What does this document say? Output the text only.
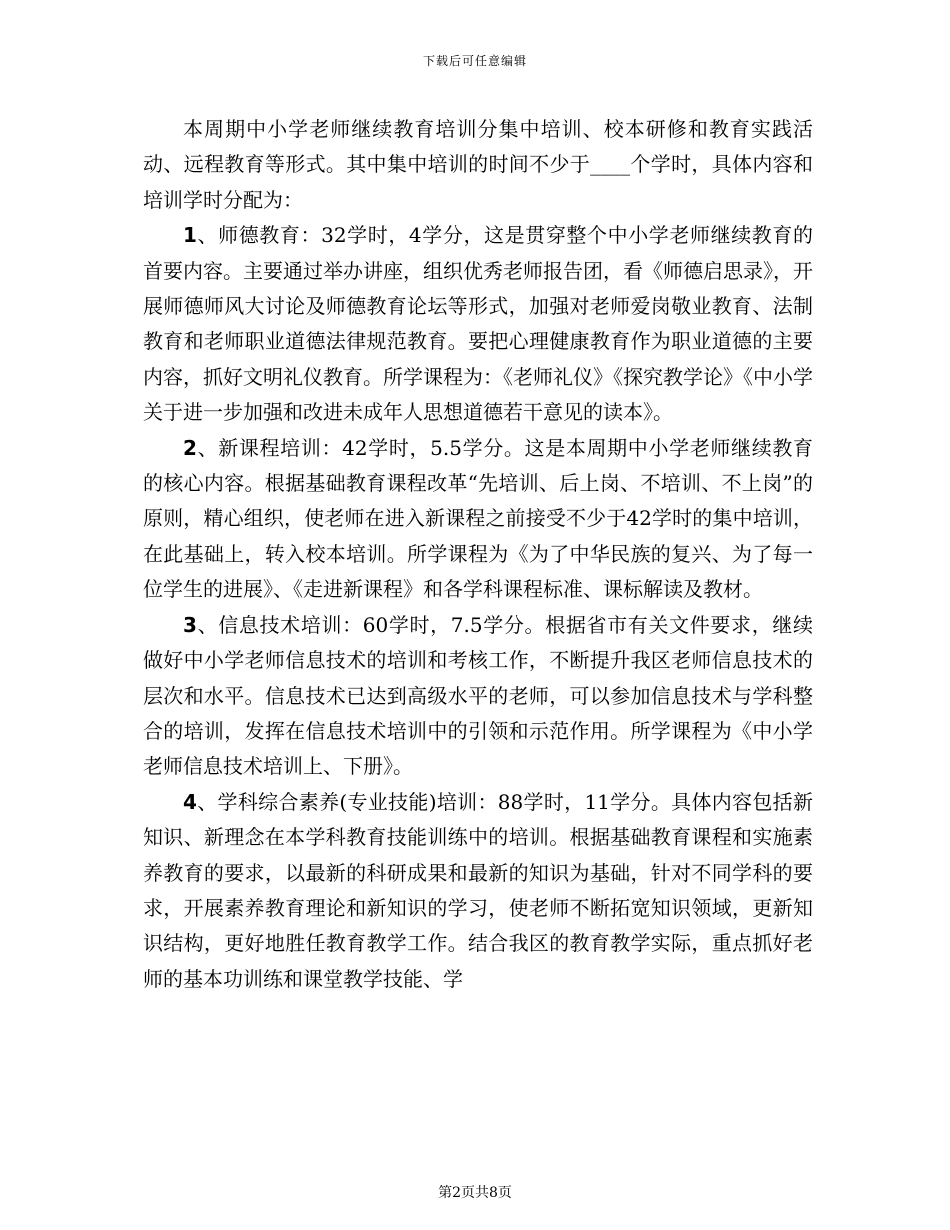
下载后可任意编辑

本周期中小学老师继续教育培训分集中培训、校本研修和教育实践活动、远程教育等形式。其中集中培训的时间不少于____个学时，具体内容和培训学时分配为：

1、师德教育：32学时，4学分，这是贯穿整个中小学老师继续教育的首要内容。主要通过举办讲座，组织优秀老师报告团，看《师德启思录》，开展师德师风大讨论及师德教育论坛等形式，加强对老师爱岗敬业教育、法制教育和老师职业道德法律规范教育。要把心理健康教育作为职业道德的主要内容，抓好文明礼仪教育。所学课程为：《老师礼仪》《探究教学论》《中小学关于进一步加强和改进未成年人思想道德若干意见的读本》。

2、新课程培训：42学时，5.5学分。这是本周期中小学老师继续教育的核心内容。根据基础教育课程改革“先培训、后上岗、不培训、不上岗”的原则，精心组织，使老师在进入新课程之前接受不少于42学时的集中培训，在此基础上，转入校本培训。所学课程为《为了中华民族的复兴、为了每一位学生的进展》、《走进新课程》和各学科课程标准、课标解读及教材。

3、信息技术培训：60学时，7.5学分。根据省市有关文件要求，继续做好中小学老师信息技术的培训和考核工作，不断提升我区老师信息技术的层次和水平。信息技术已达到高级水平的老师，可以参加信息技术与学科整合的培训，发挥在信息技术培训中的引领和示范作用。所学课程为《中小学老师信息技术培训上、下册》。

4、学科综合素养(专业技能)培训：88学时，11学分。具体内容包括新知识、新理念在本学科教育技能训练中的培训。根据基础教育课程和实施素养教育的要求，以最新的科研成果和最新的知识为基础，针对不同学科的要求，开展素养教育理论和新知识的学习，使老师不断拓宽知识领域，更新知识结构，更好地胜任教育教学工作。结合我区的教育教学实际，重点抓好老师的基本功训练和课堂教学技能、学

第2页共8页
